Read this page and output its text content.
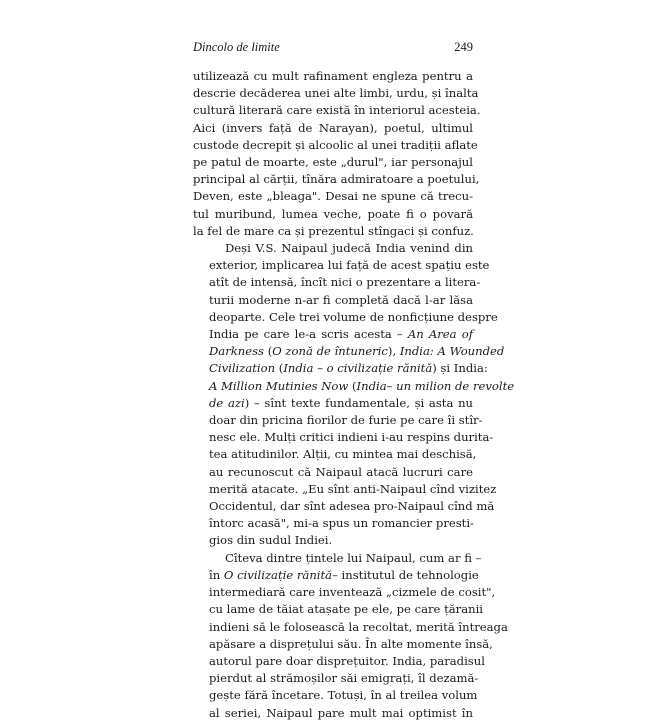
Dincolo de limite	249

utilizează cu mult rafinament engleza pentru a
descrie decăderea unei alte limbi, urdu, și înalta
cultură literară care există în interiorul acesteia.
Aici (invers față de Narayan), poetul, ultimul
custode decrepit și alcoolic al unei tradiții aflate
pe patul de moarte, este „durul", iar personajul
principal al cărții, tînăra admiratoare a poetului,
Deven, este „bleaga". Desai ne spune că trecu-
tul muribund, lumea veche, poate fi o povară
la fel de mare ca și prezentul stîngaci și confuz.

Deși V.S. Naipaul judecă India venind din
exterior, implicarea lui față de acest spațiu este
atît de intensă, încît nici o prezentare a litera-
turii moderne n-ar fi completă dacă l-ar lăsa
deoparte. Cele trei volume de nonficțiune despre
India pe care le-a scris acesta – An Area of
Darkness (O zonă de întuneric), India: A Wounded
Civilization (India – o civilizație rănită) și India:
A Million Mutinies Now (India– un milion de revolte
de azi) – sînt texte fundamentale, și asta nu
doar din pricina fiorilor de furie pe care îi stîr-
nesc ele. Mulți critici indieni i-au respins durita-
tea atitudinilor. Alții, cu mintea mai deschisă,
au recunoscut că Naipaul atacă lucruri care
merită atacate. „Eu sînt anti-Naipaul cînd vizitez
Occidentul, dar sînt adesea pro-Naipaul cînd mă
întorc acasă", mi-a spus un romancier presti-
gios din sudul Indiei.

Cîteva dintre țintele lui Naipaul, cum ar fi –
în O civilizație rănită– institutul de tehnologie
intermediară care inventează „cizmele de cosit",
cu lame de tăiat atașate pe ele, pe care țăranii
indieni să le folosească la recoltat, merită întreaga
apăsare a disprețului său. În alte momente însă,
autorul pare doar disprețuitor. India, paradisul
pierdut al strămoșilor săi emigrați, îl dezamă-
gește fără încetare. Totuși, în al treilea volum
al seriei, Naipaul pare mult mai optimist în
